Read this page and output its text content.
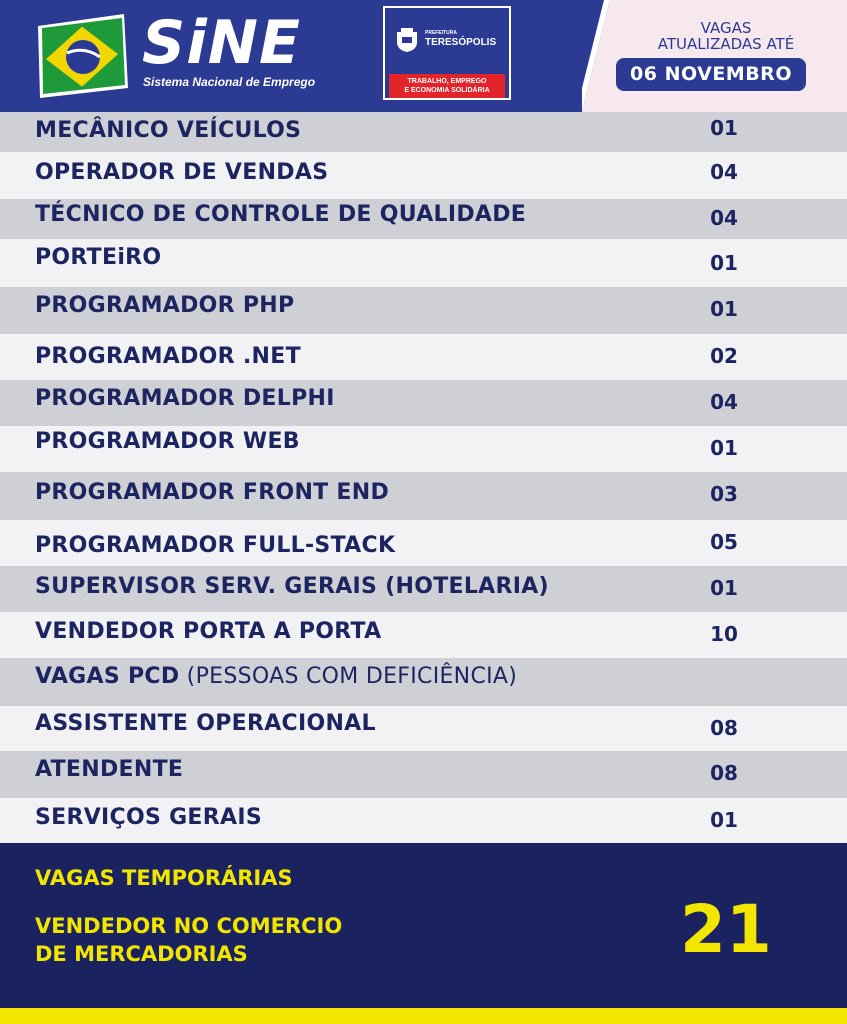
SiNE
Sistema Nacional de Emprego
PREFEITURA
TERESÓPOLIS
TRABALHO, EMPREGO
E ECONOMIA SOLIDÁRIA
VAGAS
ATUALIZADAS ATÉ
06 NOVEMBRO
MECÂNICO VEÍCULOS	01
OPERADOR DE VENDAS	04
TÉCNICO DE CONTROLE DE QUALIDADE	04
PORTEiRO	01
PROGRAMADOR PHP	01
PROGRAMADOR .NET	02
PROGRAMADOR DELPHI	04
PROGRAMADOR WEB	01
PROGRAMADOR FRONT END	03
PROGRAMADOR FULL-STACK	05
SUPERVISOR SERV. GERAIS (HOTELARIA)	01
VENDEDOR PORTA A PORTA	10
VAGAS PCD (PESSOAS COM DEFICIÊNCIA)
ASSISTENTE OPERACIONAL	08
ATENDENTE	08
SERVIÇOS GERAIS	01
VAGAS TEMPORÁRIAS
VENDEDOR NO COMERCIO
DE MERCADORIAS	21
